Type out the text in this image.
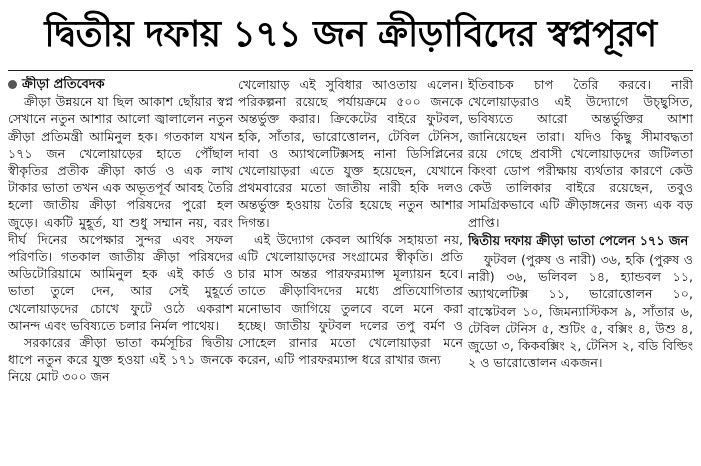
দ্বিতীয় দফায় ১৭১ জন ক্রীড়াবিদের স্বপ্নপূরণ
ক্রীড়া প্রতিবেদক

ক্রীড়া উন্নয়নে যা ছিল আকাশ ছোঁয়ার স্বপ্ন সেখানে নতুন আশার আলো জ্বালালেন নতুন ক্রীড়া প্রতিমন্ত্রী আমিনুল হক। গতকাল যখন ১৭১ জন খেলোয়াড়ের হাতে পৌঁছাল স্বীকৃতির প্রতীক ক্রীড়া কার্ড ও এক লাখ টাকার ভাতা তখন এক অভূতপূর্ব আবহ তৈরি হলো জাতীয় ক্রীড়া পরিষদের পুরো হল জুড়ে। একটি মুহূর্ত, যা শুধু সম্মান নয়, বরং দীর্ঘ দিনের অপেক্ষার সুন্দর এবং সফল পরিণতি। গতকাল জাতীয় ক্রীড়া পরিষদের অডিটোরিয়ামে আমিনুল হক এই কার্ড ও ভাতা তুলে দেন, আর সেই মুহূর্তে খেলোয়াড়দের চোখে ফুটে ওঠে একরাশ আনন্দ এবং ভবিষ্যতে চলার নির্মল পাথেয়।

সরকারের ক্রীড়া ভাতা কর্মসূচির দ্বিতীয় ধাপে নতুন করে যুক্ত হওয়া এই ১৭১ জনকে নিয়ে মোট ৩০০ জন

খেলোয়াড় এই সুবিধার আওতায় এলেন। পরিকল্পনা রয়েছে পর্যায়ক্রমে ৫০০ জনকে অন্তর্ভুক্ত করার। ক্রিকেটের বাইরে ফুটবল, হকি, সাঁতার, ভারোত্তোলন, টেবিল টেনিস, দাবা ও অ্যাথলেটিক্সসহ নানা ডিসিপ্লিনের খেলোয়াড়রা এতে যুক্ত হয়েছেন, যেখানে প্রথমবারের মতো জাতীয় নারী হকি দলও অন্তর্ভুক্ত হওয়ায় তৈরি হয়েছে নতুন আশার দিগন্ত।

এই উদ্যোগ কেবল আর্থিক সহায়তা নয়, এটি খেলোয়াড়দের সংগ্রামের স্বীকৃতি। প্রতি চার মাস অন্তর পারফরম্যান্স মূল্যায়ন হবে। তাতে ক্রীড়াবিদদের মধ্যে প্রতিযোগিতার মনোভাব জাগিয়ে তুলবে বলে মনে করা হচ্ছে। জাতীয় ফুটবল দলের তপু বর্মণ ও সোহেল রানার মতো খেলোয়াড়রা মনে করেন, এটি পারফরম্যান্স ধরে রাখার জন্য

ইতিবাচক চাপ তৈরি করবে। নারী খেলোয়াড়রাও এই উদ্যোগে উচ্ছ্বসিত, ভবিষ্যতে আরো অন্তর্ভুক্তির আশা জানিয়েছেন তারা। যদিও কিছু সীমাবদ্ধতা রয়ে গেছে প্রবাসী খেলোয়াড়দের জটিলতা কিংবা ডোপ পরীক্ষায় ব্যর্থতার কারণে কেউ কেউ তালিকার বাইরে রয়েছেন, তবুও সামগ্রিকভাবে এটি ক্রীড়াঙ্গনের জন্য এক বড় প্রাপ্তি।

দ্বিতীয় দফায় ক্রীড়া ভাতা পেলেন ১৭১ জন

ফুটবল (পুরুষ ও নারী) ৩৬, হকি (পুরুষ ও নারী) ৩৬, ভলিবল ১৪, হ্যান্ডবল ১১, অ্যাথলেটিক্স ১১, ভারোত্তোলন ১০, বাস্কেটবল ১০, জিমন্যাস্টিকস ৯, সাঁতার ৬, টেবিল টেনিস ৫, শুটিং ৫, বক্সিং ৪, উশু ৪, জুডো ৩, কিকবক্সিং ২, টেনিস ২, বডি বিল্ডিং ২ ও ভারোত্তোলন একজন।
